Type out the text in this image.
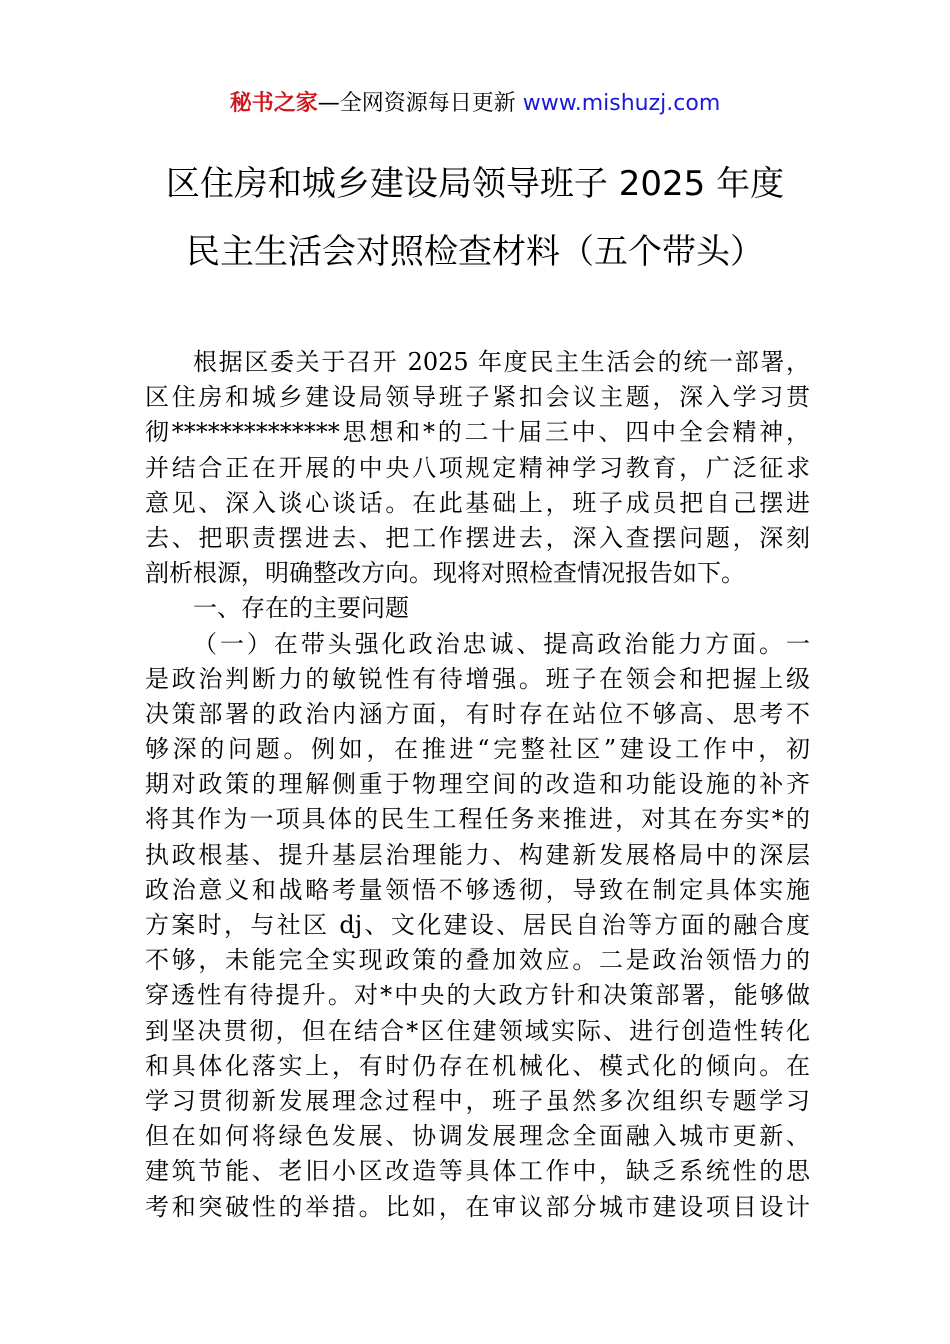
秘书之家—全网资源每日更新 www.mishuzj.com
区住房和城乡建设局领导班子 2025 年度
民主生活会对照检查材料（五个带头）
根据区委关于召开 2025 年度民主生活会的统一部署，
区住房和城乡建设局领导班子紧扣会议主题，深入学习贯
彻**************思想和*的二十届三中、四中全会精神，
并结合正在开展的中央八项规定精神学习教育，广泛征求
意见、深入谈心谈话。在此基础上，班子成员把自己摆进
去、把职责摆进去、把工作摆进去，深入查摆问题，深刻
剖析根源，明确整改方向。现将对照检查情况报告如下。
一、存在的主要问题
（一）在带头强化政治忠诚、提高政治能力方面。一
是政治判断力的敏锐性有待增强。班子在领会和把握上级
决策部署的政治内涵方面，有时存在站位不够高、思考不
够深的问题。例如，在推进“完整社区”建设工作中，初
期对政策的理解侧重于物理空间的改造和功能设施的补齐
将其作为一项具体的民生工程任务来推进，对其在夯实*的
执政根基、提升基层治理能力、构建新发展格局中的深层
政治意义和战略考量领悟不够透彻，导致在制定具体实施
方案时，与社区 dj、文化建设、居民自治等方面的融合度
不够，未能完全实现政策的叠加效应。二是政治领悟力的
穿透性有待提升。对*中央的大政方针和决策部署，能够做
到坚决贯彻，但在结合*区住建领域实际、进行创造性转化
和具体化落实上，有时仍存在机械化、模式化的倾向。在
学习贯彻新发展理念过程中，班子虽然多次组织专题学习
但在如何将绿色发展、协调发展理念全面融入城市更新、
建筑节能、老旧小区改造等具体工作中，缺乏系统性的思
考和突破性的举措。比如，在审议部分城市建设项目设计
